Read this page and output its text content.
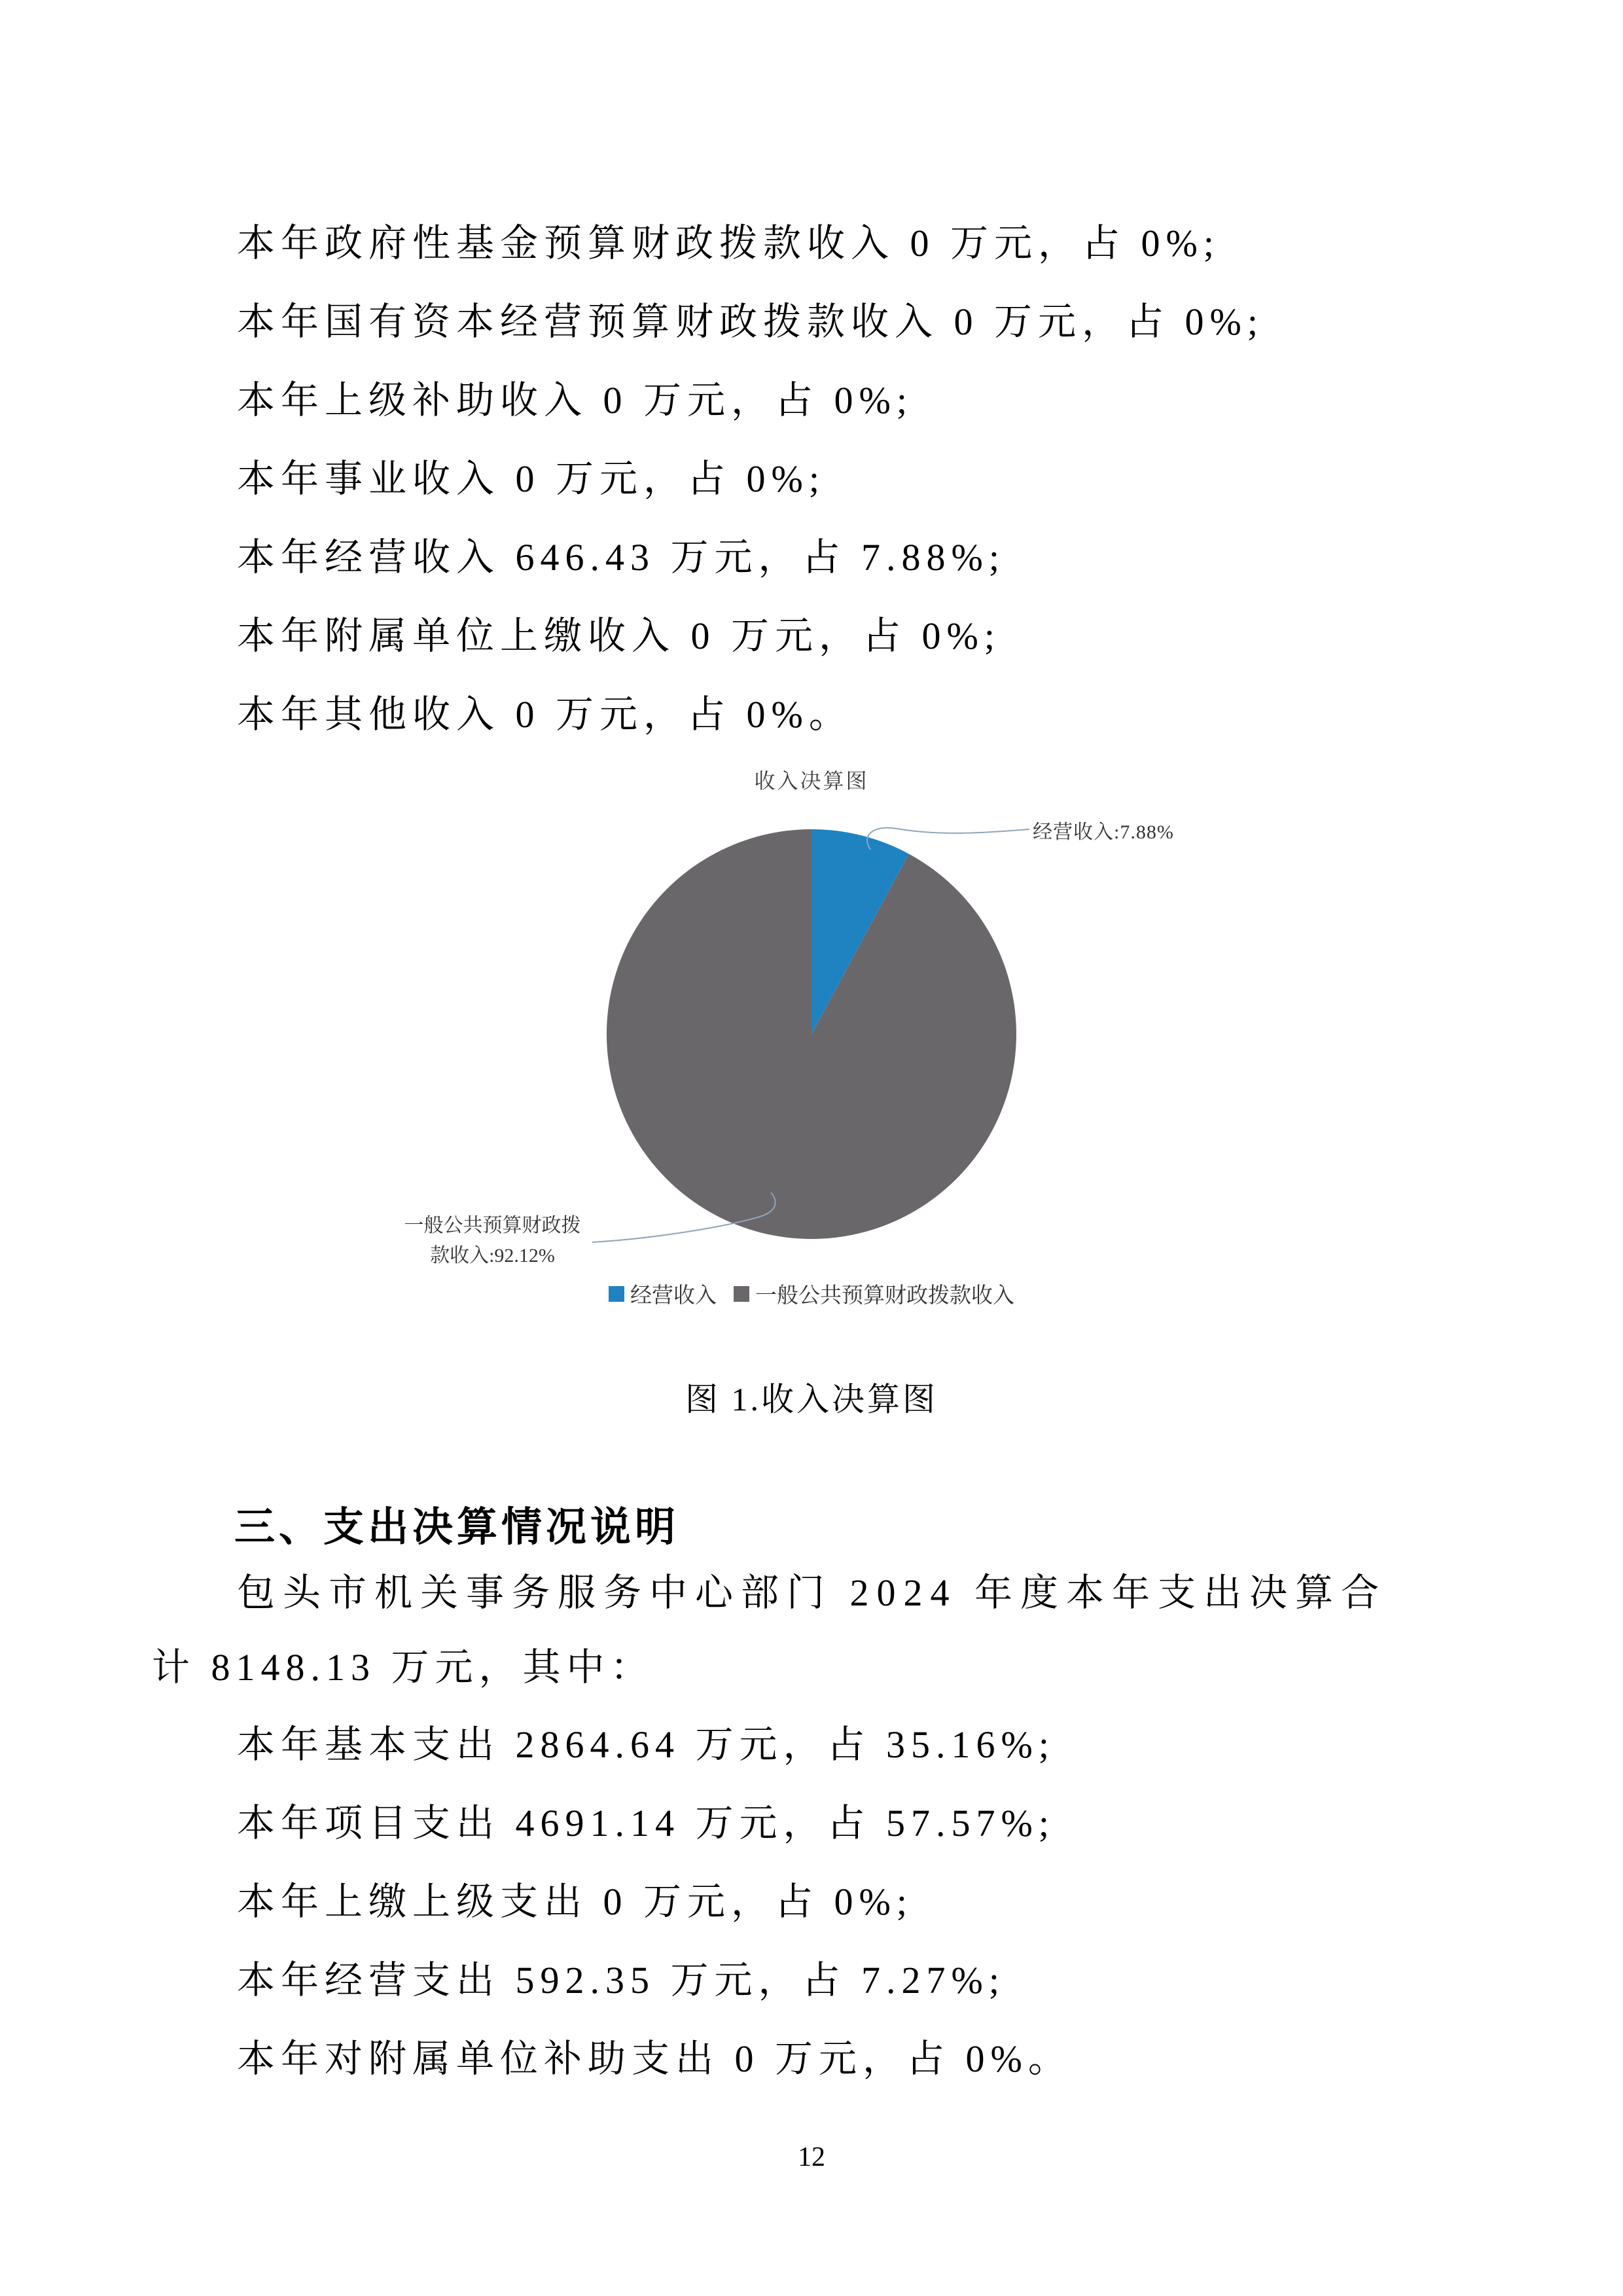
本年政府性基金预算财政拨款收入 0 万元，占 0%;

本年国有资本经营预算财政拨款收入 0 万元，占 0%;

本年上级补助收入 0 万元，占 0%;

本年事业收入 0 万元，占 0%;

本年经营收入 646.43 万元，占 7.88%;

本年附属单位上缴收入 0 万元，占 0%;

本年其他收入 0 万元，占 0%。

收入决算图
经营收入:7.88%
一般公共预算财政拨
款收入:92.12%
经营收入 一般公共预算财政拨款收入
图 1.收入决算图
三、支出决算情况说明

包头市机关事务服务中心部门 2024 年度本年支出决算合

计 8148.13 万元，其中：

本年基本支出 2864.64 万元，占 35.16%;

本年项目支出 4691.14 万元，占 57.57%;

本年上缴上级支出 0 万元，占 0%;

本年经营支出 592.35 万元，占 7.27%;

本年对附属单位补助支出 0 万元，占 0%。

12
